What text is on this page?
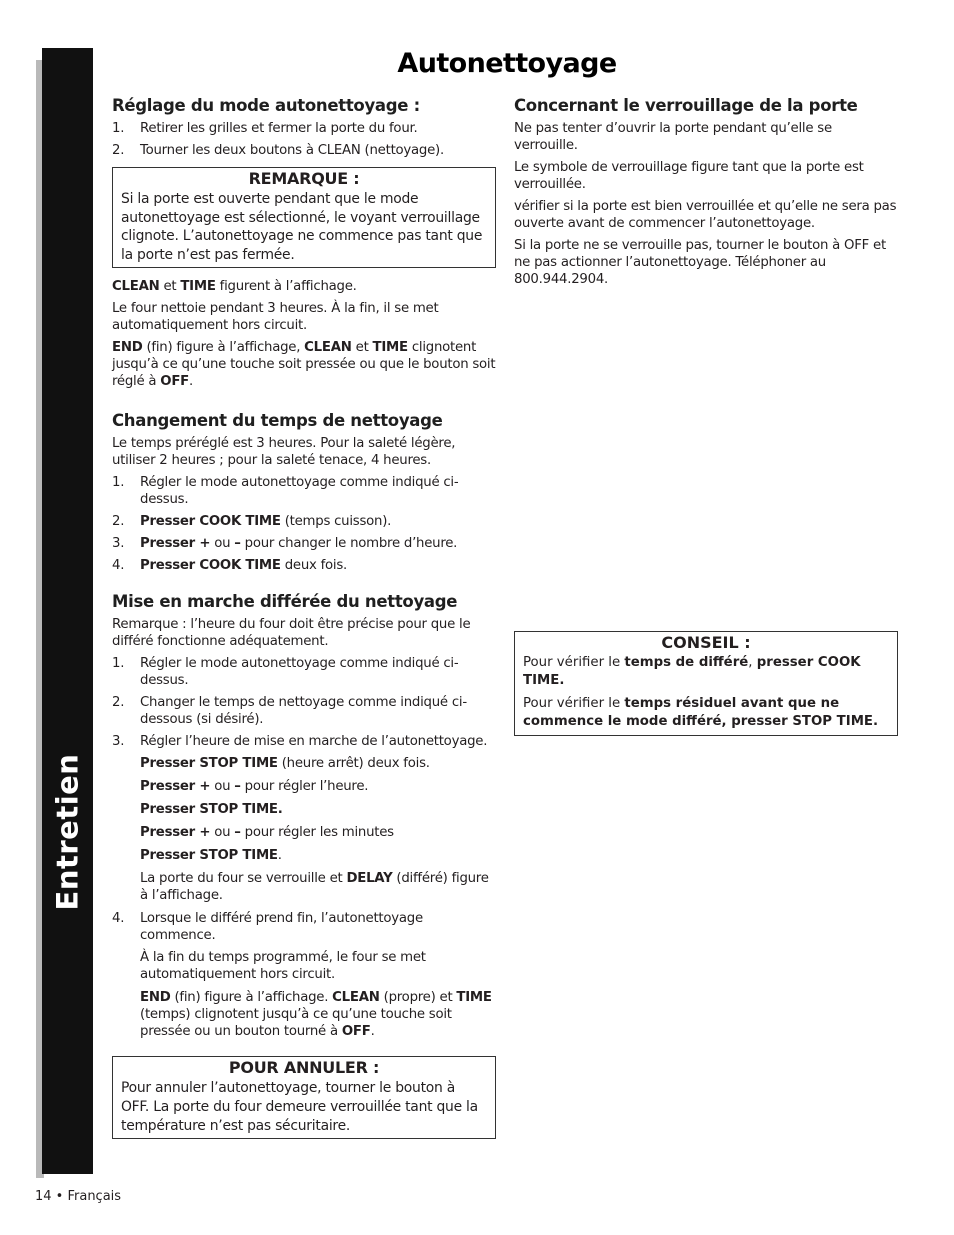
Entretien
Autonettoyage
Réglage du mode autonettoyage :
1. Retirer les grilles et fermer la porte du four.
2. Tourner les deux boutons à CLEAN (nettoyage).
REMARQUE :

Si la porte est ouverte pendant que le mode autonettoyage est sélectionné, le voyant verrouillage clignote. L’autonettoyage ne commence pas tant que la porte n’est pas fermée.

CLEAN et TIME figurent à l’affichage.

Le four nettoie pendant 3 heures. À la fin, il se met automatiquement hors circuit.

END (fin) figure à l’affichage, CLEAN et TIME clignotent jusqu’à ce qu’une touche soit pressée ou que le bouton soit réglé à OFF.

Changement du temps de nettoyage

Le temps préréglé est 3 heures. Pour la saleté légère, utiliser 2 heures ; pour la saleté tenace, 4 heures.

1. Régler le mode autonettoyage comme indiqué ci-dessus.
2. Presser COOK TIME (temps cuisson).
3. Presser + ou – pour changer le nombre d’heure.
4. Presser COOK TIME deux fois.
Mise en marche différée du nettoyage

Remarque : l’heure du four doit être précise pour que le différé fonctionne adéquatement.

1. Régler le mode autonettoyage comme indiqué ci-dessus.
2. Changer le temps de nettoyage comme indiqué ci-dessous (si désiré).
3. Régler l’heure de mise en marche de l’autonettoyage.

Presser STOP TIME (heure arrêt) deux fois.

Presser + ou – pour régler l’heure.

Presser STOP TIME.

Presser + ou – pour régler les minutes

Presser STOP TIME.

La porte du four se verrouille et DELAY (différé) figure à l’affichage.

4. Lorsque le différé prend fin, l’autonettoyage commence.

À la fin du temps programmé, le four se met automatiquement hors circuit.

END (fin) figure à l’affichage. CLEAN (propre) et TIME (temps) clignotent jusqu’à ce qu’une touche soit pressée ou un bouton tourné à OFF.

POUR ANNULER :

Pour annuler l’autonettoyage, tourner le bouton à OFF. La porte du four demeure verrouillée tant que la température n’est pas sécuritaire.

Concernant le verrouillage de la porte

Ne pas tenter d’ouvrir la porte pendant qu’elle se verrouille.

Le symbole de verrouillage figure tant que la porte est verrouillée.

vérifier si la porte est bien verrouillée et qu’elle ne sera pas ouverte avant de commencer l’autonettoyage.

Si la porte ne se verrouille pas, tourner le bouton à OFF et ne pas actionner l’autonettoyage. Téléphoner au 800.944.2904.

CONSEIL :

Pour vérifier le temps de différé, presser COOK TIME.

Pour vérifier le temps résiduel avant que ne commence le mode différé, presser STOP TIME.

14 • Français
